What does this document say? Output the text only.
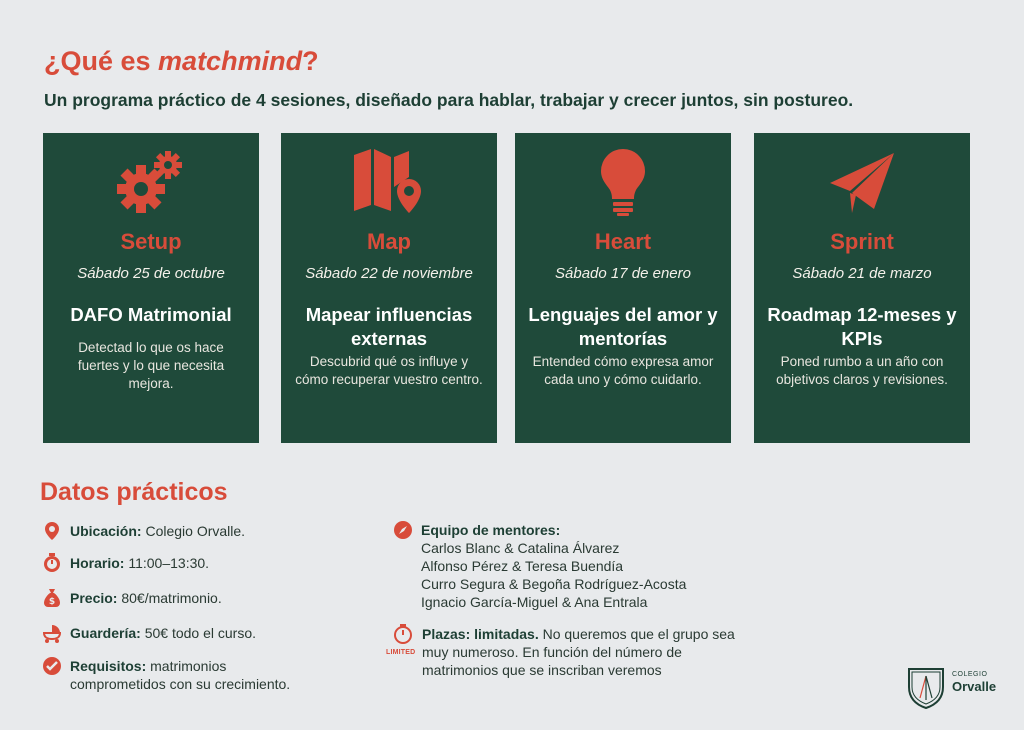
¿Qué es matchmind?
Un programa práctico de 4 sesiones, diseñado para hablar, trabajar y crecer juntos, sin postureo.
Setup
Sábado 25 de octubre
DAFO Matrimonial
Detectad lo que os hace fuertes y lo que necesita mejora.
Map
Sábado 22 de noviembre
Mapear influencias externas
Descubrid qué os influye y cómo recuperar vuestro centro.
Heart
Sábado 17 de enero
Lenguajes del amor y mentorías
Entended cómo expresa amor cada uno y cómo cuidarlo.
Sprint
Sábado 21 de marzo
Roadmap 12-meses y KPIs
Poned rumbo a un año con objetivos claros y revisiones.
Datos prácticos
Ubicación: Colegio Orvalle.
Horario: 11:00–13:30.
$ Precio: 80€/matrimonio.
Guardería: 50€ todo el curso.
Requisitos: matrimonios comprometidos con su crecimiento.
Equipo de mentores:
Carlos Blanc & Catalina Álvarez
Alfonso Pérez & Teresa Buendía
Curro Segura & Begoña Rodríguez-Acosta
Ignacio García-Miguel & Ana Entrala
LIMITED
Plazas: limitadas. No queremos que el grupo sea muy numeroso. En función del número de matrimonios que se inscriban veremos	COLEGIO
Orvalle
